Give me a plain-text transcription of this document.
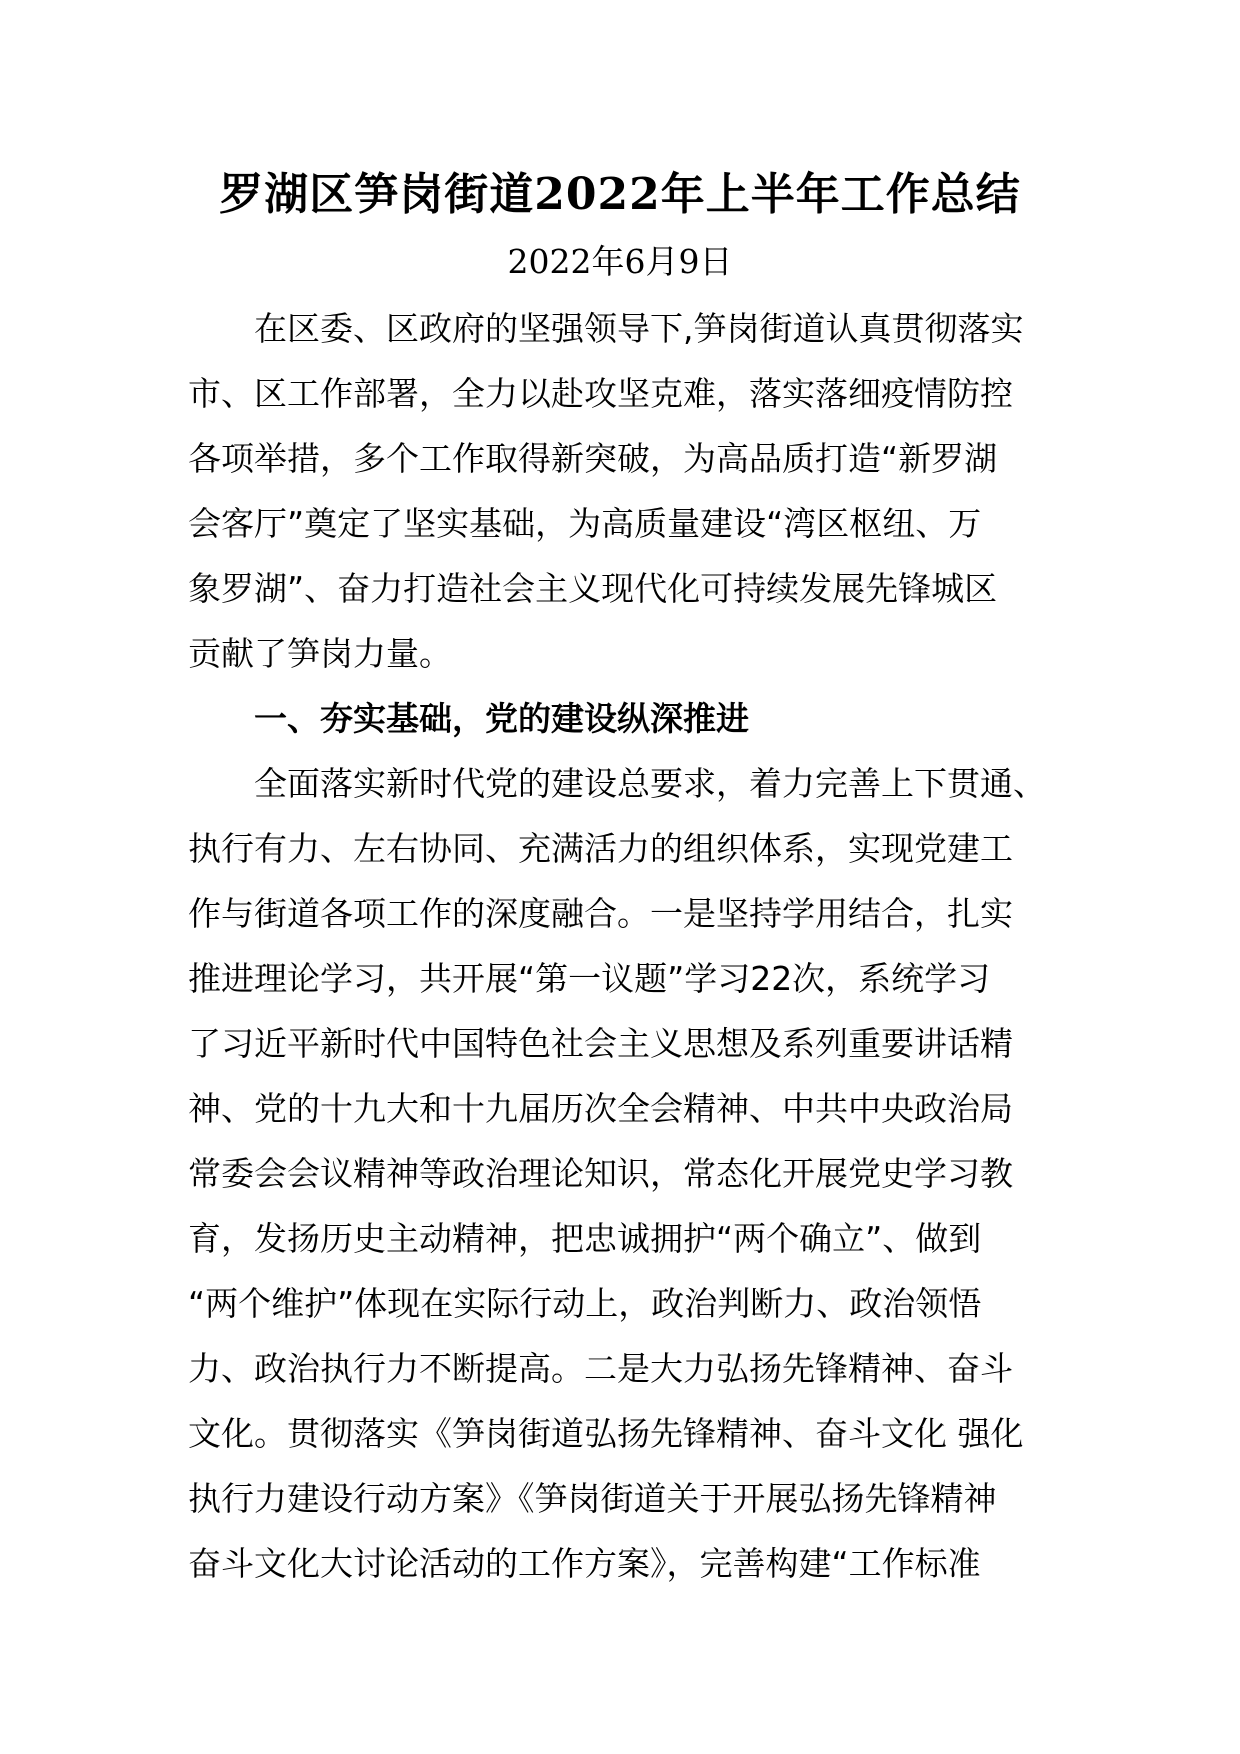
罗湖区笋岗街道2022年上半年工作总结
2022年6月9日
在区委、区政府的坚强领导下,笋岗街道认真贯彻落实
市、区工作部署，全力以赴攻坚克难，落实落细疫情防控
各项举措，多个工作取得新突破，为高品质打造“新罗湖
会客厅”奠定了坚实基础，为高质量建设“湾区枢纽、万
象罗湖”、奋力打造社会主义现代化可持续发展先锋城区
贡献了笋岗力量。
一、夯实基础，党的建设纵深推进
全面落实新时代党的建设总要求，着力完善上下贯通、
执行有力、左右协同、充满活力的组织体系，实现党建工
作与街道各项工作的深度融合。一是坚持学用结合，扎实
推进理论学习，共开展“第一议题”学习22次，系统学习
了习近平新时代中国特色社会主义思想及系列重要讲话精
神、党的十九大和十九届历次全会精神、中共中央政治局
常委会会议精神等政治理论知识，常态化开展党史学习教
育，发扬历史主动精神，把忠诚拥护“两个确立”、做到
“两个维护”体现在实际行动上，政治判断力、政治领悟
力、政治执行力不断提高。二是大力弘扬先锋精神、奋斗
文化。贯彻落实《笋岗街道弘扬先锋精神、奋斗文化 强化
执行力建设行动方案》《笋岗街道关于开展弘扬先锋精神
奋斗文化大讨论活动的工作方案》，完善构建“工作标准
